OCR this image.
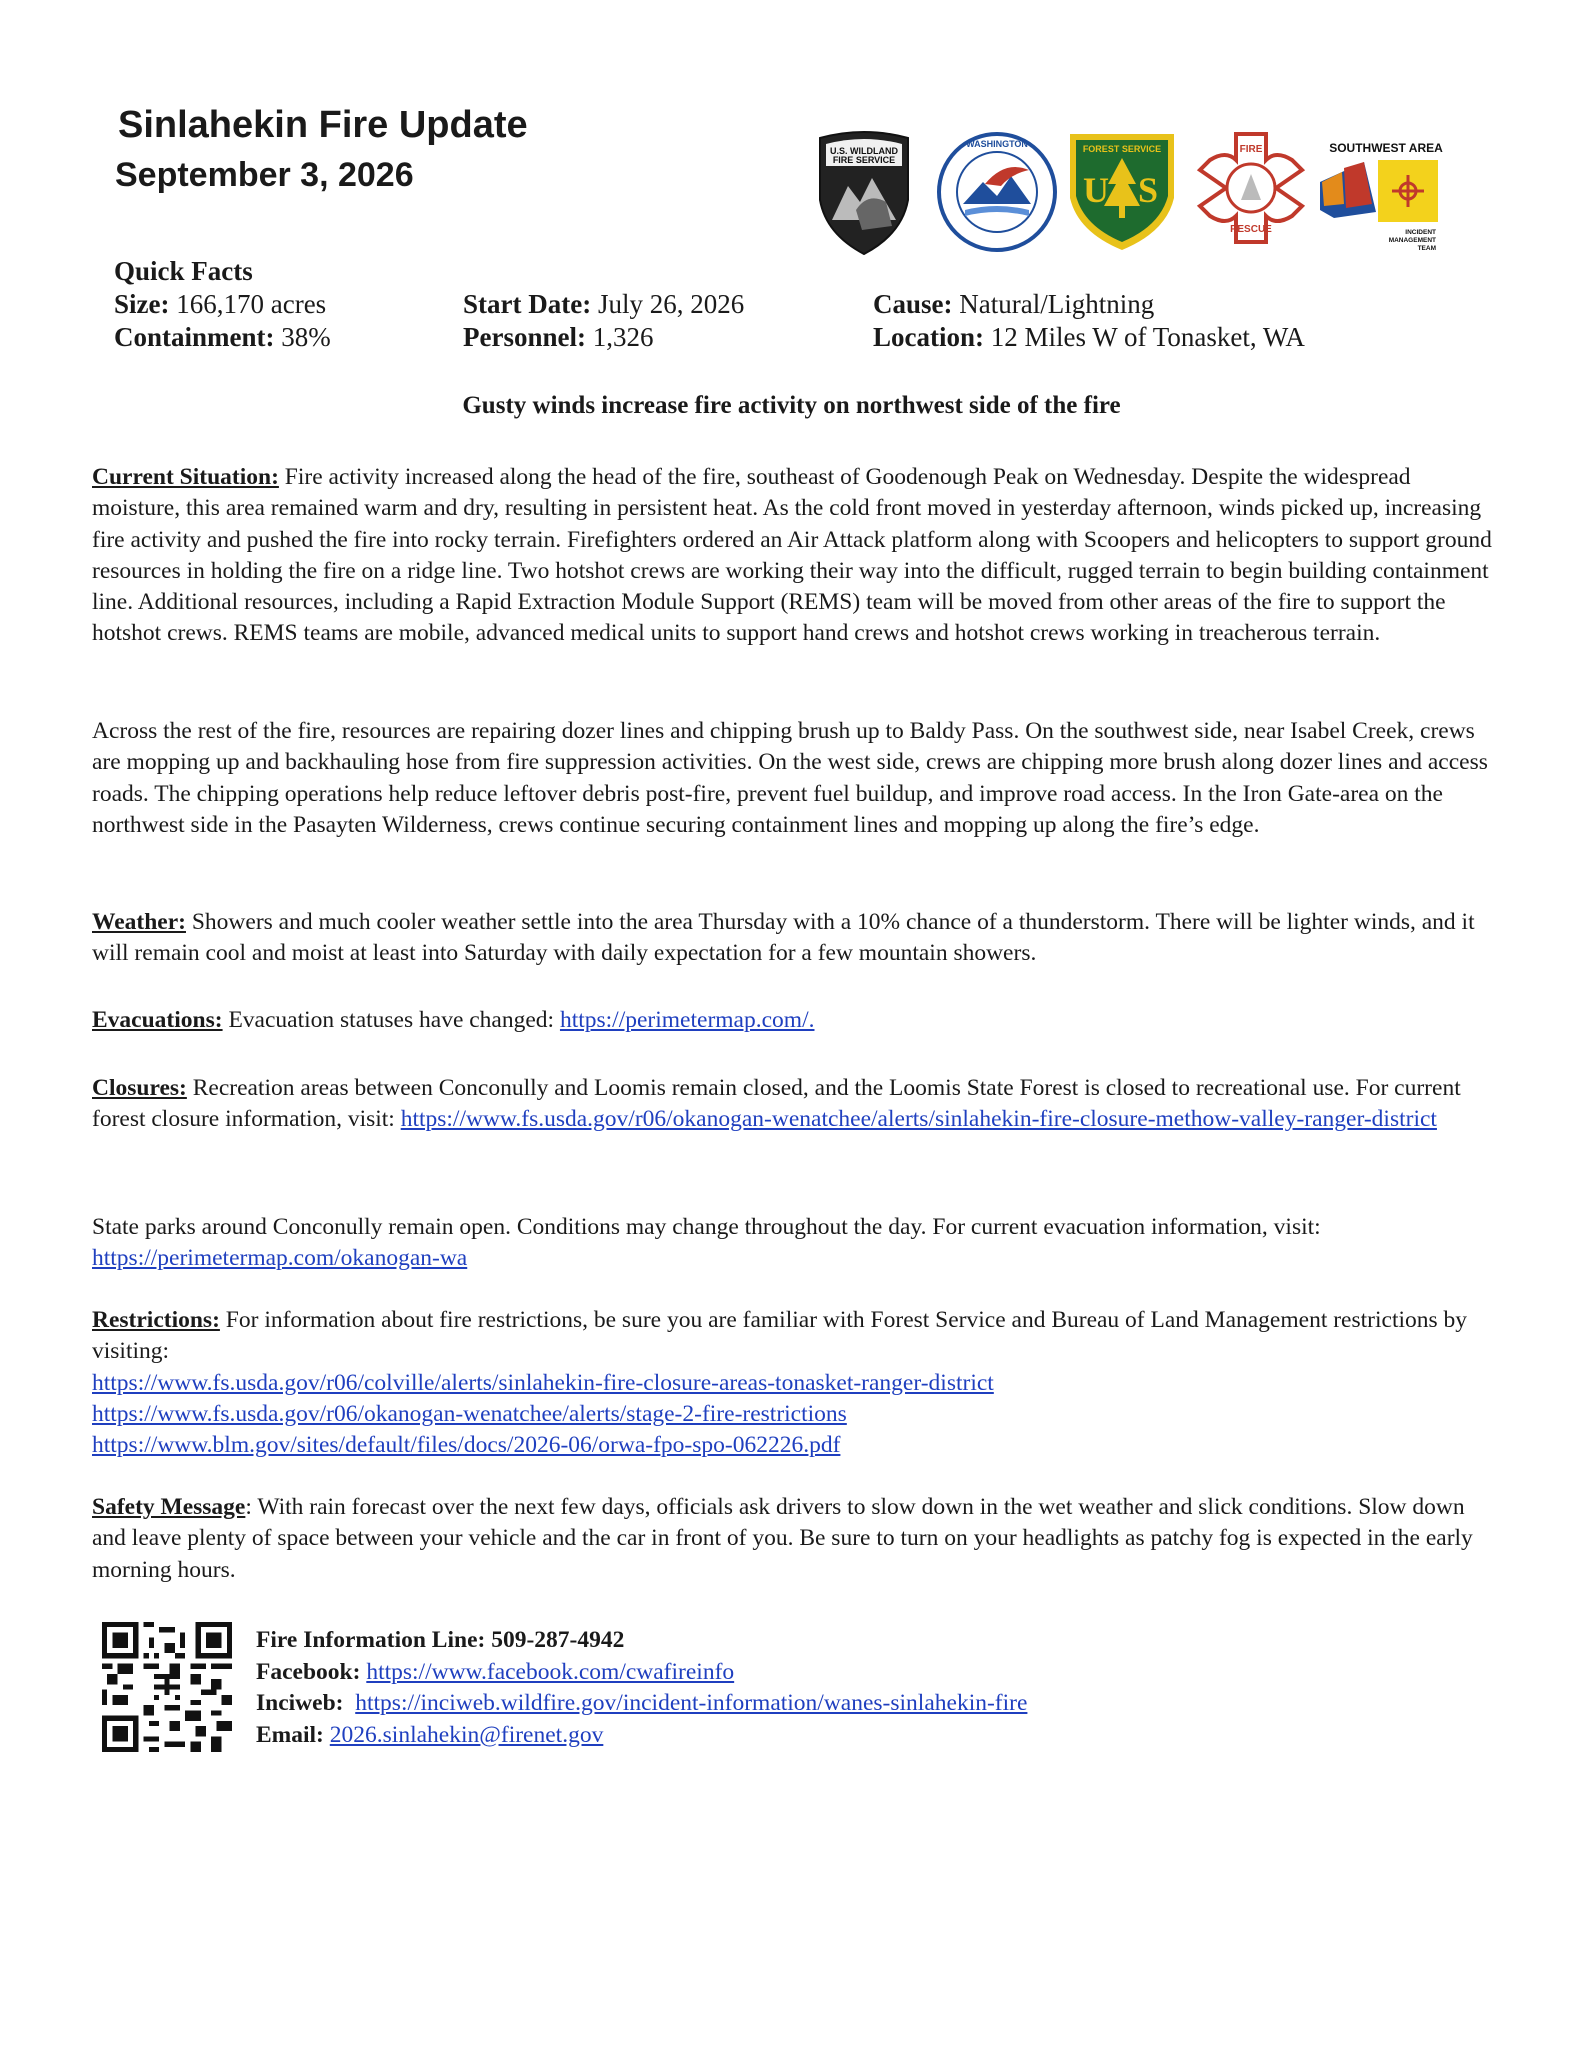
Sinlahekin Fire Update
September 3, 2026
U.S. WILDLAND
FIRE SERVICE
WASHINGTON	FOREST SERVICE
U S
FIRE
RESCUE
SOUTHWEST AREA
INCIDENT
MANAGEMENT
TEAM
Quick Facts
Size: 166,170 acres
Containment: 38%
Start Date: July 26, 2026
Personnel: 1,326
Cause: Natural/Lightning
Location: 12 Miles W of Tonasket, WA
Gusty winds increase fire activity on northwest side of the fire
Current Situation: Fire activity increased along the head of the fire, southeast of Goodenough Peak on Wednesday. Despite the widespread moisture, this area remained warm and dry, resulting in persistent heat. As the cold front moved in yesterday afternoon, winds picked up, increasing fire activity and pushed the fire into rocky terrain. Firefighters ordered an Air Attack platform along with Scoopers and helicopters to support ground resources in holding the fire on a ridge line. Two hotshot crews are working their way into the difficult, rugged terrain to begin building containment line. Additional resources, including a Rapid Extraction Module Support (REMS) team will be moved from other areas of the fire to support the hotshot crews. REMS teams are mobile, advanced medical units to support hand crews and hotshot crews working in treacherous terrain.
Across the rest of the fire, resources are repairing dozer lines and chipping brush up to Baldy Pass. On the southwest side, near Isabel Creek, crews are mopping up and backhauling hose from fire suppression activities. On the west side, crews are chipping more brush along dozer lines and access roads. The chipping operations help reduce leftover debris post-fire, prevent fuel buildup, and improve road access. In the Iron Gate-area on the northwest side in the Pasayten Wilderness, crews continue securing containment lines and mopping up along the fire’s edge.
Weather: Showers and much cooler weather settle into the area Thursday with a 10% chance of a thunderstorm. There will be lighter winds, and it will remain cool and moist at least into Saturday with daily expectation for a few mountain showers.
Evacuations: Evacuation statuses have changed: https://perimetermap.com/.
Closures: Recreation areas between Conconully and Loomis remain closed, and the Loomis State Forest is closed to recreational use. For current forest closure information, visit: https://www.fs.usda.gov/r06/okanogan-wenatchee/alerts/sinlahekin-fire-closure-methow-valley-ranger-district
State parks around Conconully remain open. Conditions may change throughout the day. For current evacuation information, visit: https://perimetermap.com/okanogan-wa
Restrictions: For information about fire restrictions, be sure you are familiar with Forest Service and Bureau of Land Management restrictions by visiting:
https://www.fs.usda.gov/r06/colville/alerts/sinlahekin-fire-closure-areas-tonasket-ranger-district
https://www.fs.usda.gov/r06/okanogan-wenatchee/alerts/stage-2-fire-restrictions
https://www.blm.gov/sites/default/files/docs/2026-06/orwa-fpo-spo-062226.pdf
Safety Message: With rain forecast over the next few days, officials ask drivers to slow down in the wet weather and slick conditions. Slow down and leave plenty of space between your vehicle and the car in front of you. Be sure to turn on your headlights as patchy fog is expected in the early morning hours.
Fire Information Line: 509-287-4942
Facebook: https://www.facebook.com/cwafireinfo
Inciweb: https://inciweb.wildfire.gov/incident-information/wanes-sinlahekin-fire
Email: 2026.sinlahekin@firenet.gov
